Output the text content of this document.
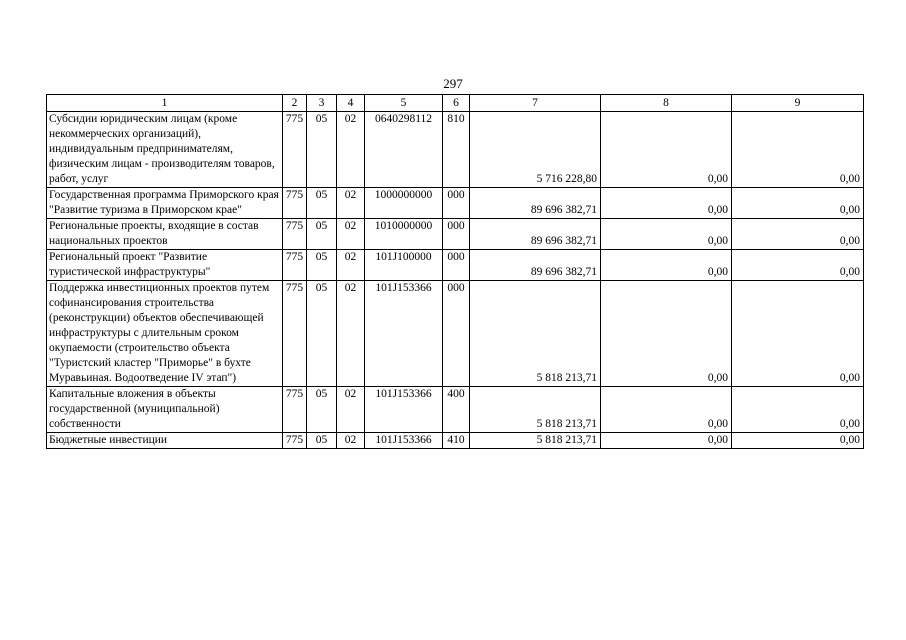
297
1	2	3	4	5	6	7	8	9
Субсидии юридическим лицам (кроме некоммерческих организаций), индивидуальным предпринимателям, физическим лицам - производителям товаров, работ, услуг	775	05	02	0640298112	810	5 716 228,80	0,00	0,00
Государственная программа Приморского края "Развитие туризма в Приморском крае"	775	05	02	1000000000	000	89 696 382,71	0,00	0,00
Региональные проекты, входящие в состав национальных проектов	775	05	02	1010000000	000	89 696 382,71	0,00	0,00
Региональный проект "Развитие туристической инфраструктуры"	775	05	02	101J100000	000	89 696 382,71	0,00	0,00
Поддержка инвестиционных проектов путем софинансирования строительства (реконструкции) объектов обеспечивающей инфраструктуры с длительным сроком окупаемости (строительство объекта "Туристский кластер "Приморье" в бухте Муравьиная. Водоотведение IV этап")	775	05	02	101J153366	000	5 818 213,71	0,00	0,00
Капитальные вложения в объекты государственной (муниципальной) собственности	775	05	02	101J153366	400	5 818 213,71	0,00	0,00
Бюджетные инвестиции	775	05	02	101J153366	410	5 818 213,71	0,00	0,00
